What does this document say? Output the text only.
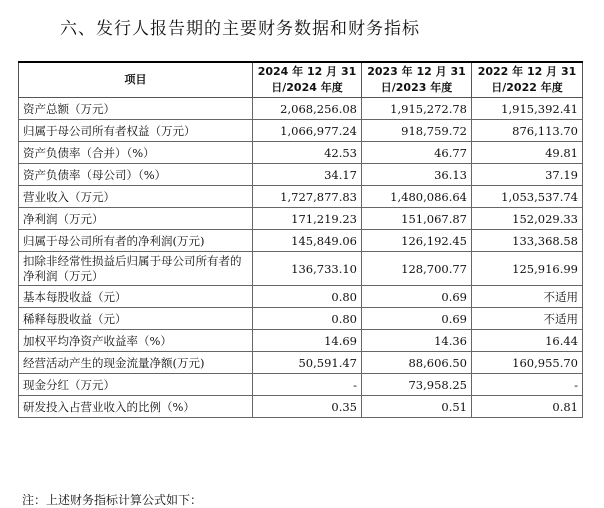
六、发行人报告期的主要财务数据和财务指标
项目	2024 年 12 月 31 日/2024 年度	2023 年 12 月 31 日/2023 年度	2022 年 12 月 31 日/2022 年度
资产总额（万元）	2,068,256.08	1,915,272.78	1,915,392.41
归属于母公司所有者权益（万元）	1,066,977.24	918,759.72	876,113.70
资产负债率（合并）（%）	42.53	46.77	49.81
资产负债率（母公司）（%）	34.17	36.13	37.19
营业收入（万元）	1,727,877.83	1,480,086.64	1,053,537.74
净利润（万元）	171,219.23	151,067.87	152,029.33
归属于母公司所有者的净利润(万元)	145,849.06	126,192.45	133,368.58
扣除非经常性损益后归属于母公司所有者的净利润（万元）	136,733.10	128,700.77	125,916.99
基本每股收益（元）	0.80	0.69	不适用
稀释每股收益（元）	0.80	0.69	不适用
加权平均净资产收益率（%）	14.69	14.36	16.44
经营活动产生的现金流量净额(万元)	50,591.47	88,606.50	160,955.70
现金分红（万元）	-	73,958.25	-
研发投入占营业收入的比例（%）	0.35	0.51	0.81
注：上述财务指标计算公式如下：
